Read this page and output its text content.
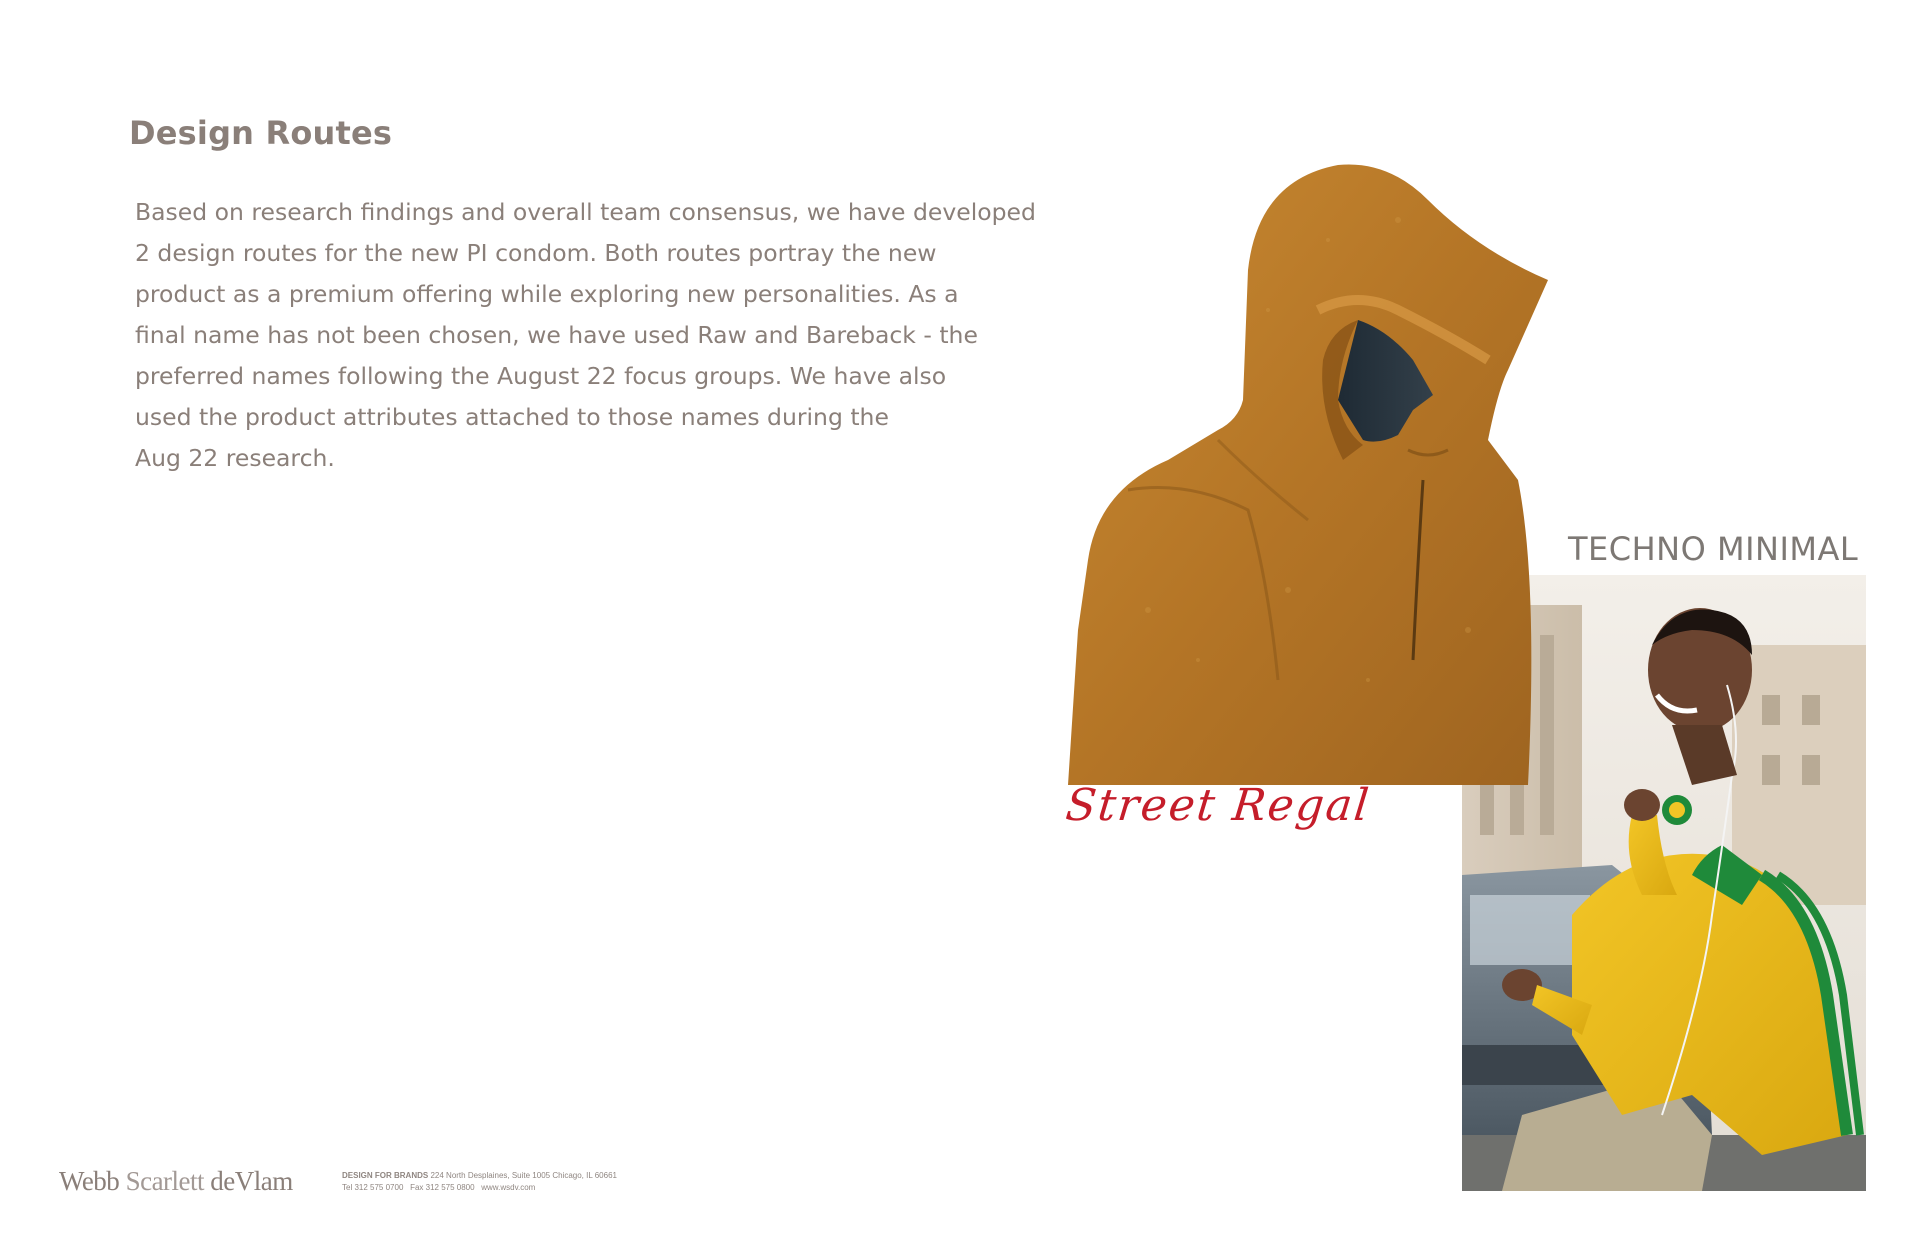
Design Routes

Based on research findings and overall team consensus, we have developed
2 design routes for the new PI condom. Both routes portray the new
product as a premium offering while exploring new personalities. As a
final name has not been chosen, we have used Raw and Bareback - the
preferred names following the August 22 focus groups. We have also
used the product attributes attached to those names during the
Aug 22 research.

TECHNO MINIMAL

Street Regal

Webb Scarlett deVlam	DESIGN FOR BRANDS 224 North Desplaines, Suite 1005 Chicago, IL 60661
Tel 312 575 0700 Fax 312 575 0800 www.wsdv.com
